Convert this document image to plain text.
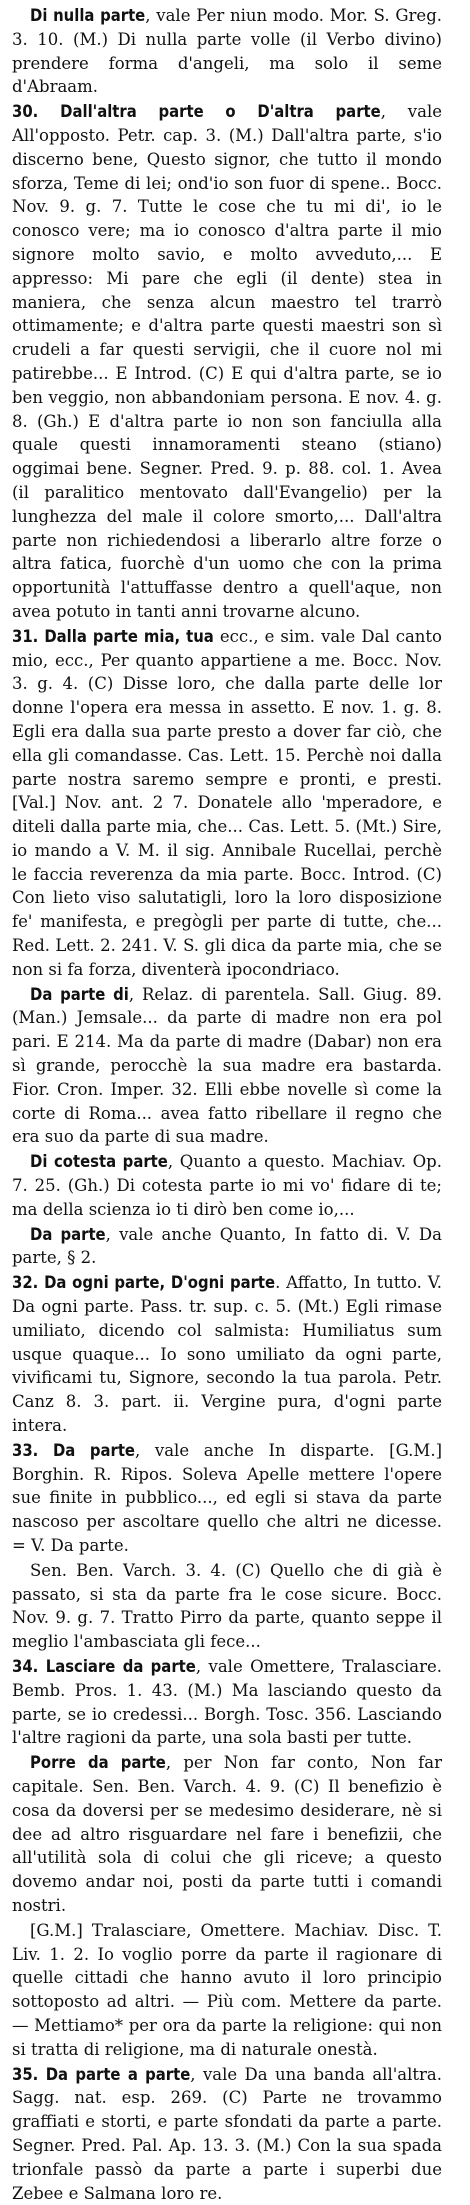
Di nulla parte, vale Per niun modo. Mor. S. Greg. 3. 10. (M.) Di nulla parte volle (il Verbo divino) prendere forma d'angeli, ma solo il seme d'Abraam.

30. Dall'altra parte o D'altra parte, vale All'opposto. Petr. cap. 3. (M.) Dall'altra parte, s'io discerno bene, Questo signor, che tutto il mondo sforza, Teme di lei; ond'io son fuor di spene.. Bocc. Nov. 9. g. 7. Tutte le cose che tu mi di', io le conosco vere; ma io conosco d'altra parte il mio signore molto savio, e molto avveduto,... E appresso: Mi pare che egli (il dente) stea in maniera, che senza alcun maestro tel trarrò ottimamente; e d'altra parte questi maestri son sì crudeli a far questi servigii, che il cuore nol mi patirebbe... E Introd. (C) E qui d'altra parte, se io ben veggio, non abbandoniam persona. E nov. 4. g. 8. (Gh.) E d'altra parte io non son fanciulla alla quale questi innamoramenti steano (stiano) oggimai bene. Segner. Pred. 9. p. 88. col. 1. Avea (il paralitico mentovato dall'Evangelio) per la lunghezza del male il colore smorto,... Dall'altra parte non richiedendosi a liberarlo altre forze o altra fatica, fuorchè d'un uomo che con la prima opportunità l'attuffasse dentro a quell'aque, non avea potuto in tanti anni trovarne alcuno.

31. Dalla parte mia, tua ecc., e sim. vale Dal canto mio, ecc., Per quanto appartiene a me. Bocc. Nov. 3. g. 4. (C) Disse loro, che dalla parte delle lor donne l'opera era messa in assetto. E nov. 1. g. 8. Egli era dalla sua parte presto a dover far ciò, che ella gli comandasse. Cas. Lett. 15. Perchè noi dalla parte nostra saremo sempre e pronti, e presti. [Val.] Nov. ant. 2 7. Donatele allo 'mperadore, e diteli dalla parte mia, che... Cas. Lett. 5. (Mt.) Sire, io mando a V. M. il sig. Annibale Rucellai, perchè le faccia reverenza da mia parte. Bocc. Introd. (C) Con lieto viso salutatigli, loro la loro disposizione fe' manifesta, e pregògli per parte di tutte, che... Red. Lett. 2. 241. V. S. gli dica da parte mia, che se non si fa forza, diventerà ipocondriaco.

Da parte di, Relaz. di parentela. Sall. Giug. 89. (Man.) Jemsale... da parte di madre non era pol pari. E 214. Ma da parte di madre (Dabar) non era sì grande, perocchè la sua madre era bastarda. Fior. Cron. Imper. 32. Elli ebbe novelle sì come la corte di Roma... avea fatto ribellare il regno che era suo da parte di sua madre.

Di cotesta parte, Quanto a questo. Machiav. Op. 7. 25. (Gh.) Di cotesta parte io mi vo' fidare di te; ma della scienza io ti dirò ben come io,...

Da parte, vale anche Quanto, In fatto di. V. Da parte, § 2.

32. Da ogni parte, D'ogni parte. Affatto, In tutto. V. Da ogni parte. Pass. tr. sup. c. 5. (Mt.) Egli rimase umiliato, dicendo col salmista: Humiliatus sum usque quaque... Io sono umiliato da ogni parte, vivificami tu, Signore, secondo la tua parola. Petr. Canz 8. 3. part. ii. Vergine pura, d'ogni parte intera.

33. Da parte, vale anche In disparte. [G.M.] Borghin. R. Ripos. Soleva Apelle mettere l'opere sue finite in pubblico..., ed egli si stava da parte nascoso per ascoltare quello che altri ne dicesse. = V. Da parte.

Sen. Ben. Varch. 3. 4. (C) Quello che di già è passato, si sta da parte fra le cose sicure. Bocc. Nov. 9. g. 7. Tratto Pirro da parte, quanto seppe il meglio l'ambasciata gli fece...

34. Lasciare da parte, vale Omettere, Tralasciare. Bemb. Pros. 1. 43. (M.) Ma lasciando questo da parte, se io credessi... Borgh. Tosc. 356. Lasciando l'altre ragioni da parte, una sola basti per tutte.

Porre da parte, per Non far conto, Non far capitale. Sen. Ben. Varch. 4. 9. (C) Il benefizio è cosa da doversi per se medesimo desiderare, nè si dee ad altro risguardare nel fare i benefizii, che all'utilità sola di colui che gli riceve; a questo dovemo andar noi, posti da parte tutti i comandi nostri.

[G.M.] Tralasciare, Omettere. Machiav. Disc. T. Liv. 1. 2. Io voglio porre da parte il ragionare di quelle cittadi che hanno avuto il loro principio sottoposto ad altri. — Più com. Mettere da parte. — Mettiamo* per ora da parte la religione: qui non si tratta di religione, ma di naturale onestà.

35. Da parte a parte, vale Da una banda all'altra. Sagg. nat. esp. 269. (C) Parte ne trovammo graffiati e storti, e parte sfondati da parte a parte. Segner. Pred. Pal. Ap. 13. 3. (M.) Con la sua spada trionfale passò da parte a parte i superbi due Zebee e Salmana loro re.
